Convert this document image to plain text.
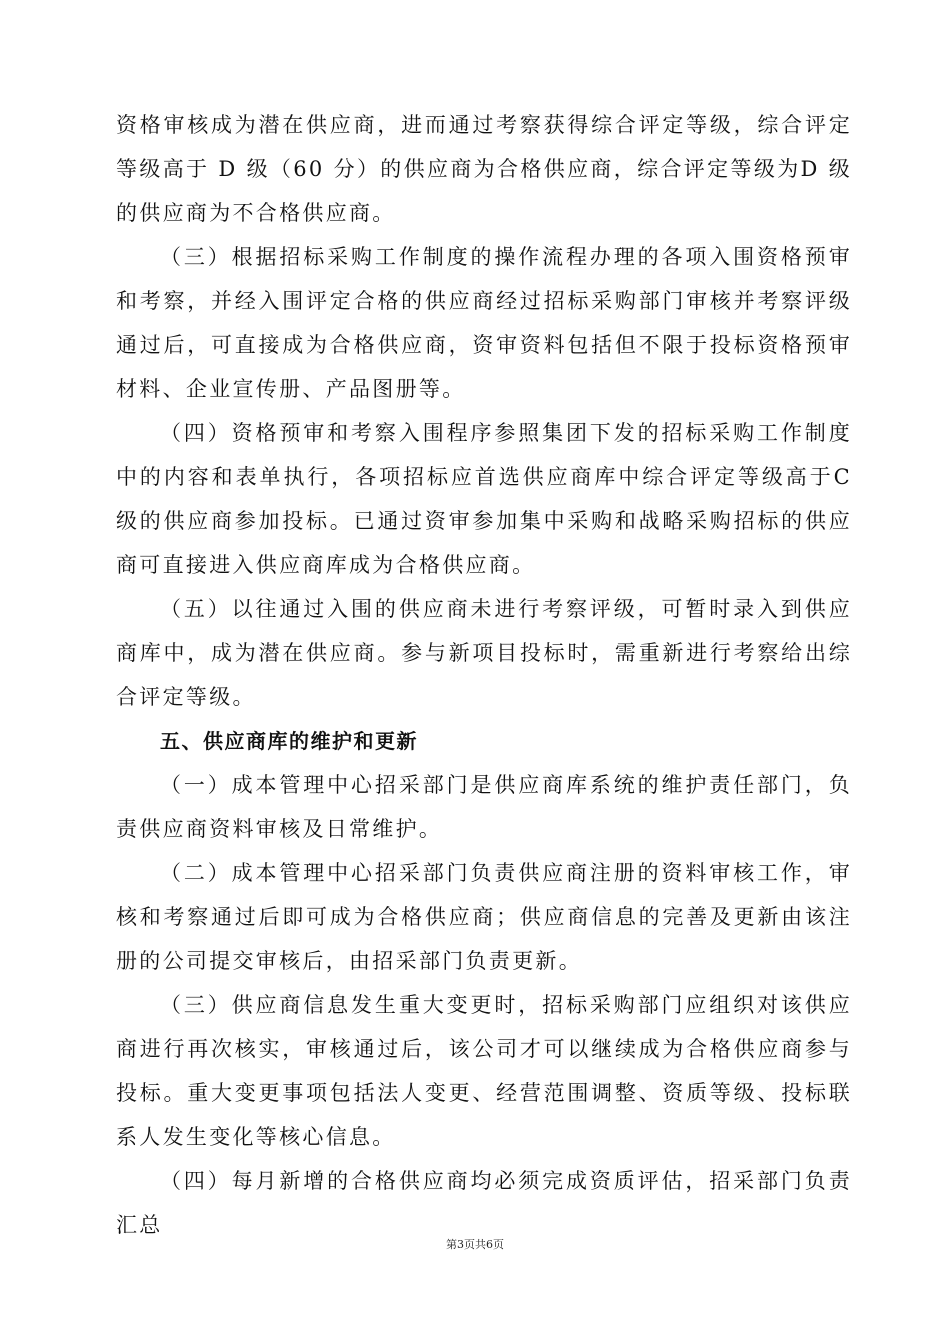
资格审核成为潜在供应商，进而通过考察获得综合评定等级，综合评定等级高于 D 级（60 分）的供应商为合格供应商，综合评定等级为D 级的供应商为不合格供应商。

（三）根据招标采购工作制度的操作流程办理的各项入围资格预审和考察，并经入围评定合格的供应商经过招标采购部门审核并考察评级通过后，可直接成为合格供应商，资审资料包括但不限于投标资格预审材料、企业宣传册、产品图册等。

（四）资格预审和考察入围程序参照集团下发的招标采购工作制度中的内容和表单执行，各项招标应首选供应商库中综合评定等级高于C 级的供应商参加投标。已通过资审参加集中采购和战略采购招标的供应商可直接进入供应商库成为合格供应商。

（五）以往通过入围的供应商未进行考察评级，可暂时录入到供应商库中，成为潜在供应商。参与新项目投标时，需重新进行考察给出综合评定等级。

五、供应商库的维护和更新

（一）成本管理中心招采部门是供应商库系统的维护责任部门，负责供应商资料审核及日常维护。

（二）成本管理中心招采部门负责供应商注册的资料审核工作，审核和考察通过后即可成为合格供应商；供应商信息的完善及更新由该注册的公司提交审核后，由招采部门负责更新。

（三）供应商信息发生重大变更时，招标采购部门应组织对该供应商进行再次核实，审核通过后，该公司才可以继续成为合格供应商参与投标。重大变更事项包括法人变更、经营范围调整、资质等级、投标联系人发生变化等核心信息。

（四）每月新增的合格供应商均必须完成资质评估，招采部门负责汇总

第3页共6页
